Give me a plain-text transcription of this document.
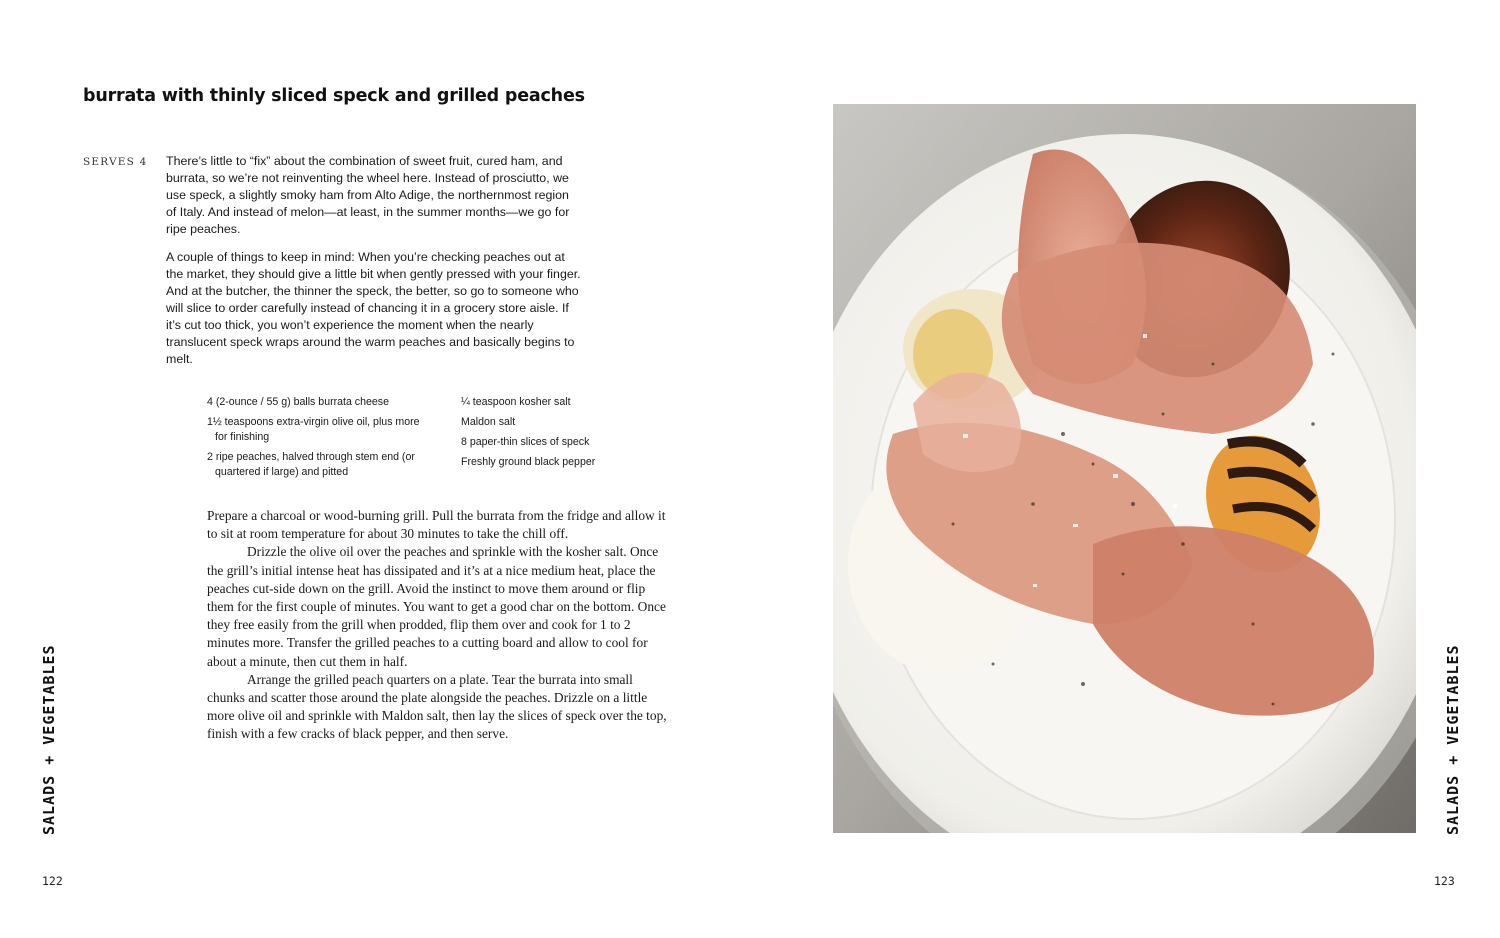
burrata with thinly sliced speck and grilled peaches
SERVES 4 There’s little to “fix” about the combination of sweet fruit, cured ham, and burrata, so we’re not reinventing the wheel here. Instead of prosciutto, we use speck, a slightly smoky ham from Alto Adige, the northernmost region of Italy. And instead of melon—at least, in the summer months—we go for ripe peaches.

A couple of things to keep in mind: When you’re checking peaches out at the market, they should give a little bit when gently pressed with your finger. And at the butcher, the thinner the speck, the better, so go to someone who will slice to order carefully instead of chancing it in a grocery store aisle. If it’s cut too thick, you won’t experience the moment when the nearly translucent speck wraps around the warm peaches and basically begins to melt.

4 (2-ounce / 55 g) balls burrata cheese
1½ teaspoons extra-virgin olive oil, plus more for finishing
2 ripe peaches, halved through stem end (or quartered if large) and pitted
¼ teaspoon kosher salt
Maldon salt
8 paper-thin slices of speck
Freshly ground black pepper

Prepare a charcoal or wood-burning grill. Pull the burrata from the fridge and allow it to sit at room temperature for about 30 minutes to take the chill off.

Drizzle the olive oil over the peaches and sprinkle with the kosher salt. Once the grill’s initial intense heat has dissipated and it’s at a nice medium heat, place the peaches cut-side down on the grill. Avoid the instinct to move them around or flip them for the first couple of minutes. You want to get a good char on the bottom. Once they free easily from the grill when prodded, flip them over and cook for 1 to 2 minutes more. Transfer the grilled peaches to a cutting board and allow to cool for about a minute, then cut them in half.

Arrange the grilled peach quarters on a plate. Tear the burrata into small chunks and scatter those around the plate alongside the peaches. Drizzle on a little more olive oil and sprinkle with Maldon salt, then lay the slices of speck over the top, finish with a few cracks of black pepper, and then serve.

SALADS + VEGETABLES	SALADS + VEGETABLES
122	123
